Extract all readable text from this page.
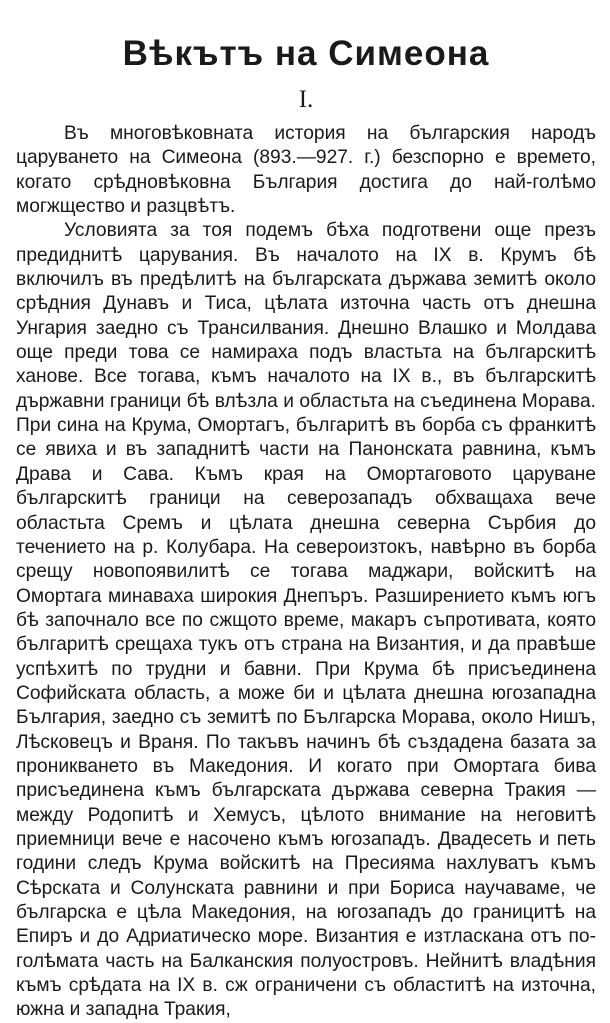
Вѣкътъ на Симеона
I.

Въ многовѣковната история на българския народъ царуването на Симеона (893.—927. г.) безспорно е времето, когато срѣдновѣковна България достига до най-голѣмо могжщество и разцвѣтъ.

Условията за тоя подемъ бѣха подготвени още презъ предиднитѣ царувания. Въ началото на IX в. Крумъ бѣ включилъ въ предѣлитѣ на българската държава земитѣ около срѣдния Дунавъ и Тиса, цѣлата източна часть отъ днешна Унгария заедно съ Трансилвания. Днешно Влашко и Молдава още преди това се намираха подъ властьта на българскитѣ ханове. Все тогава, къмъ началото на IX в., въ българскитѣ държавни граници бѣ влѣзла и областьта на съединена Морава. При сина на Крума, Омортагъ, българитѣ въ борба съ франкитѣ се явиха и въ западнитѣ части на Панонската равнина, къмъ Драва и Сава. Къмъ края на Омортаговото царуване българскитѣ граници на северозападъ обхващаха вече областьта Сремъ и цѣлата днешна северна Сърбия до течението на р. Колубара. На североизтокъ, навѣрно въ борба срещу новопоявилитѣ се тогава маджари, войскитѣ на Омортага минаваха широкия Днепъръ. Разширението къмъ югъ бѣ започнало все по сжщото време, макаръ съпротивата, която българитѣ срещаха тукъ отъ страна на Византия, и да правѣше успѣхитѣ по трудни и бавни. При Крума бѣ присъединена Софийската область, а може би и цѣлата днешна югозападна България, заедно съ земитѣ по Българска Морава, около Нишъ, Лѣсковецъ и Враня. По такъвъ начинъ бѣ създадена базата за проникването въ Македония. И когато при Омортага бива присъединена къмъ българската държава северна Тракия — между Родопитѣ и Хемусъ, цѣлото внимание на неговитѣ приемници вече е насочено къмъ югозападъ. Двадесеть и петь години следъ Крума войскитѣ на Пресияма нахлуватъ къмъ Сѣрската и Солунската равнини и при Бориса научаваме, че българска е цѣла Македония, на югозападъ до границитѣ на Епиръ и до Адриатическо море. Византия е изтласкана отъ по-голѣмата часть на Балканския полуостровъ. Нейнитѣ владѣния къмъ срѣдата на IX в. сж ограничени съ областитѣ на източна, южна и западна Тракия,
